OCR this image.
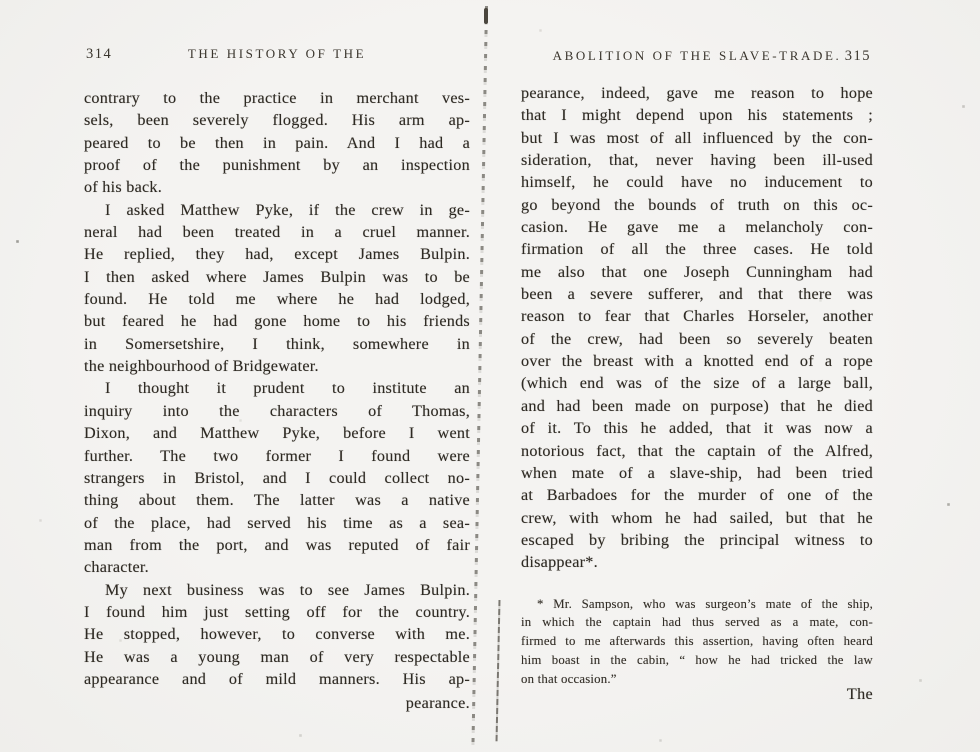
314	THE HISTORY OF THE
contrary to the practice in merchant ves-
sels, been severely flogged. His arm ap-
peared to be then in pain. And I had a
proof of the punishment by an inspection
of his back.
I asked Matthew Pyke, if the crew in ge-
neral had been treated in a cruel manner.
He replied, they had, except James Bulpin.
I then asked where James Bulpin was to be
found. He told me where he had lodged,
but feared he had gone home to his friends
in Somersetshire, I think, somewhere in
the neighbourhood of Bridgewater.
I thought it prudent to institute an
inquiry into the characters of Thomas,
Dixon, and Matthew Pyke, before I went
further. The two former I found were
strangers in Bristol, and I could collect no-
thing about them. The latter was a native
of the place, had served his time as a sea-
man from the port, and was reputed of fair
character.
My next business was to see James Bulpin.
I found him just setting off for the country.
He stopped, however, to converse with me.
He was a young man of very respectable
appearance and of mild manners. His ap-
pearance.
ABOLITION OF THE SLAVE-TRADE. 315
pearance, indeed, gave me reason to hope
that I might depend upon his statements ;
but I was most of all influenced by the con-
sideration, that, never having been ill-used
himself, he could have no inducement to
go beyond the bounds of truth on this oc-
casion. He gave me a melancholy con-
firmation of all the three cases. He told
me also that one Joseph Cunningham had
been a severe sufferer, and that there was
reason to fear that Charles Horseler, another
of the crew, had been so severely beaten
over the breast with a knotted end of a rope
(which end was of the size of a large ball,
and had been made on purpose) that he died
of it. To this he added, that it was now a
notorious fact, that the captain of the Alfred,
when mate of a slave-ship, had been tried
at Barbadoes for the murder of one of the
crew, with whom he had sailed, but that he
escaped by bribing the principal witness to
disappear*.
* Mr. Sampson, who was surgeon’s mate of the ship,
in which the captain had thus served as a mate, con-
firmed to me afterwards this assertion, having often heard
him boast in the cabin, “ how he had tricked the law
on that occasion.”
The
